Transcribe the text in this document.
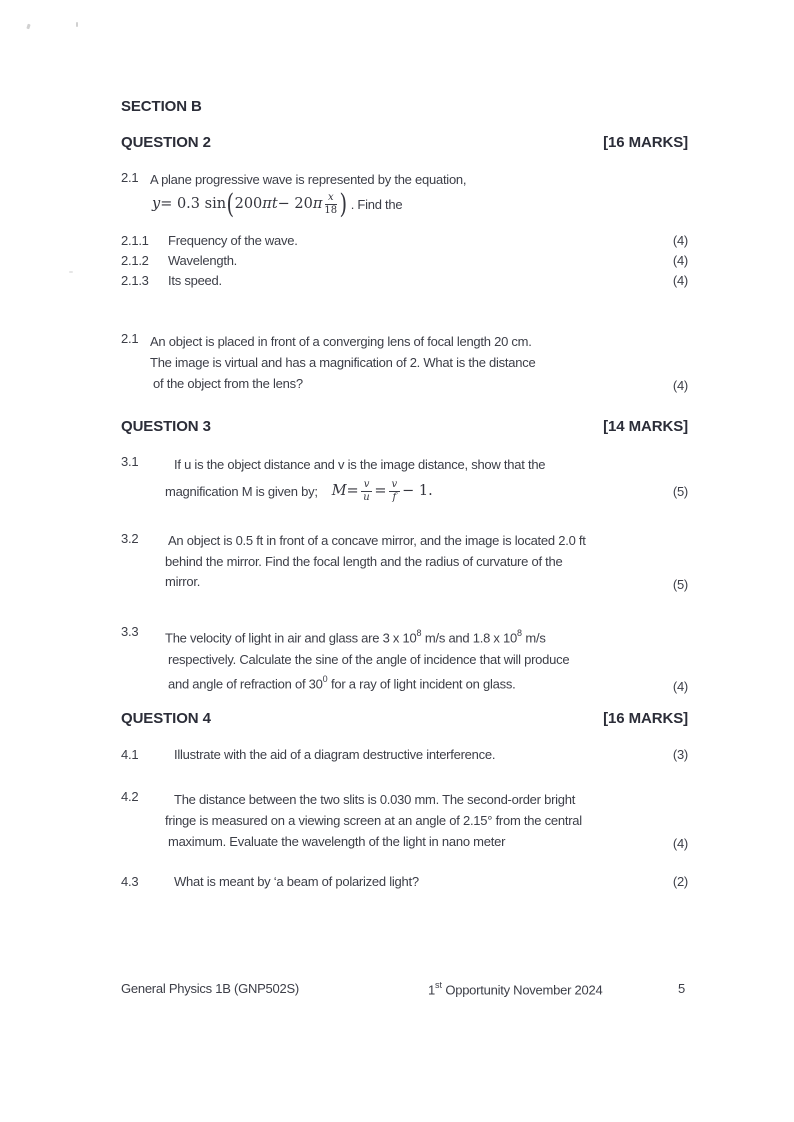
SECTION B
QUESTION 2	[16 MARKS]
2.1 A plane progressive wave is represented by the equation,
y = 0.3 sin ( 200 πt − 20 π $\frac{x}{18}$ ) . Find the
2.1.1	Frequency of the wave.	(4)
2.1.2	Wavelength.	(4)
2.1.3	Its speed.	(4)
2.1 An object is placed in front of a converging lens of focal length 20 cm.
The image is virtual and has a magnification of 2. What is the distance
of the object from the lens?	(4)
QUESTION 3	[14 MARKS]
3.1	If u is the object distance and v is the image distance, show that the
magnification M is given by; $M = \frac{v}{u} = \frac{v}{f} - 1$.	(5)
3.2	An object is 0.5 ft in front of a concave mirror, and the image is located 2.0 ft
behind the mirror. Find the focal length and the radius of curvature of the
mirror.	(5)
3.3	The velocity of light in air and glass are 3 x $10^8$ m/s and 1.8 x $10^8$ m/s
respectively. Calculate the sine of the angle of incidence that will produce
and angle of refraction of $30^0$ for a ray of light incident on glass.	(4)
QUESTION 4	[16 MARKS]
4.1	Illustrate with the aid of a diagram destructive interference.	(3)
4.2	The distance between the two slits is 0.030 mm. The second-order bright
fringe is measured on a viewing screen at an angle of 2.15° from the central
maximum. Evaluate the wavelength of the light in nano meter	(4)
4.3	What is meant by ‘a beam of polarized light?	(2)
General Physics 1B (GNP502S)	1st Opportunity November 2024	5
